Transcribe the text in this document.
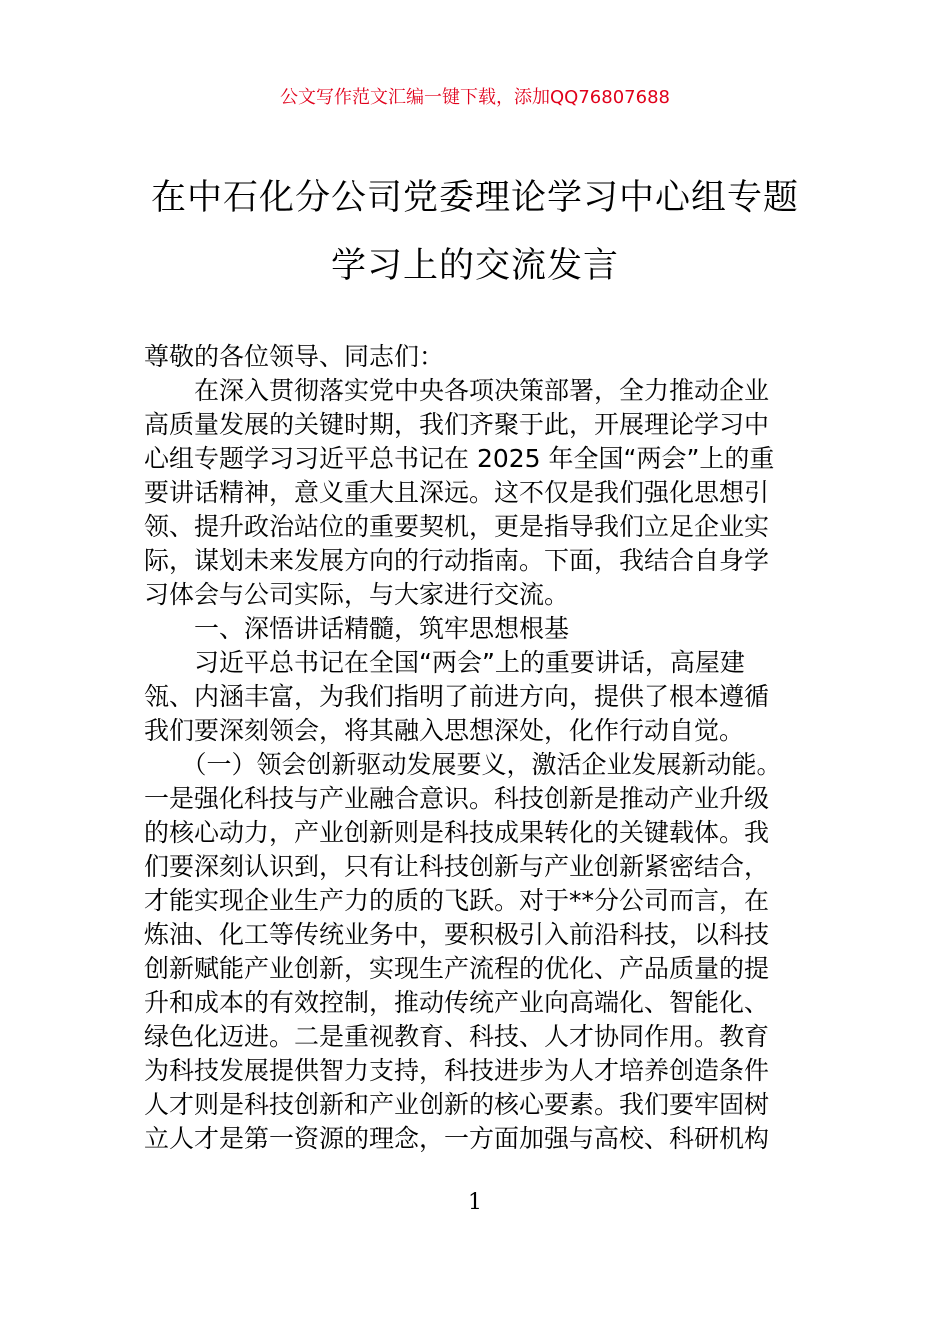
公文写作范文汇编一键下载，添加QQ76807688
在中石化分公司党委理论学习中心组专题
学习上的交流发言
尊敬的各位领导、同志们：
　　在深入贯彻落实党中央各项决策部署，全力推动企业
高质量发展的关键时期，我们齐聚于此，开展理论学习中
心组专题学习习近平总书记在 2025 年全国“两会”上的重
要讲话精神，意义重大且深远。这不仅是我们强化思想引
领、提升政治站位的重要契机，更是指导我们立足企业实
际，谋划未来发展方向的行动指南。下面，我结合自身学
习体会与公司实际，与大家进行交流。
　　一、深悟讲话精髓，筑牢思想根基
　　习近平总书记在全国“两会”上的重要讲话，高屋建
瓴、内涵丰富，为我们指明了前进方向，提供了根本遵循
我们要深刻领会，将其融入思想深处，化作行动自觉。
　　（一）领会创新驱动发展要义，激活企业发展新动能。
一是强化科技与产业融合意识。科技创新是推动产业升级
的核心动力，产业创新则是科技成果转化的关键载体。我
们要深刻认识到，只有让科技创新与产业创新紧密结合，
才能实现企业生产力的质的飞跃。对于**分公司而言，在
炼油、化工等传统业务中，要积极引入前沿科技，以科技
创新赋能产业创新，实现生产流程的优化、产品质量的提
升和成本的有效控制，推动传统产业向高端化、智能化、
绿色化迈进。二是重视教育、科技、人才协同作用。教育
为科技发展提供智力支持，科技进步为人才培养创造条件
人才则是科技创新和产业创新的核心要素。我们要牢固树
立人才是第一资源的理念，一方面加强与高校、科研机构
1
